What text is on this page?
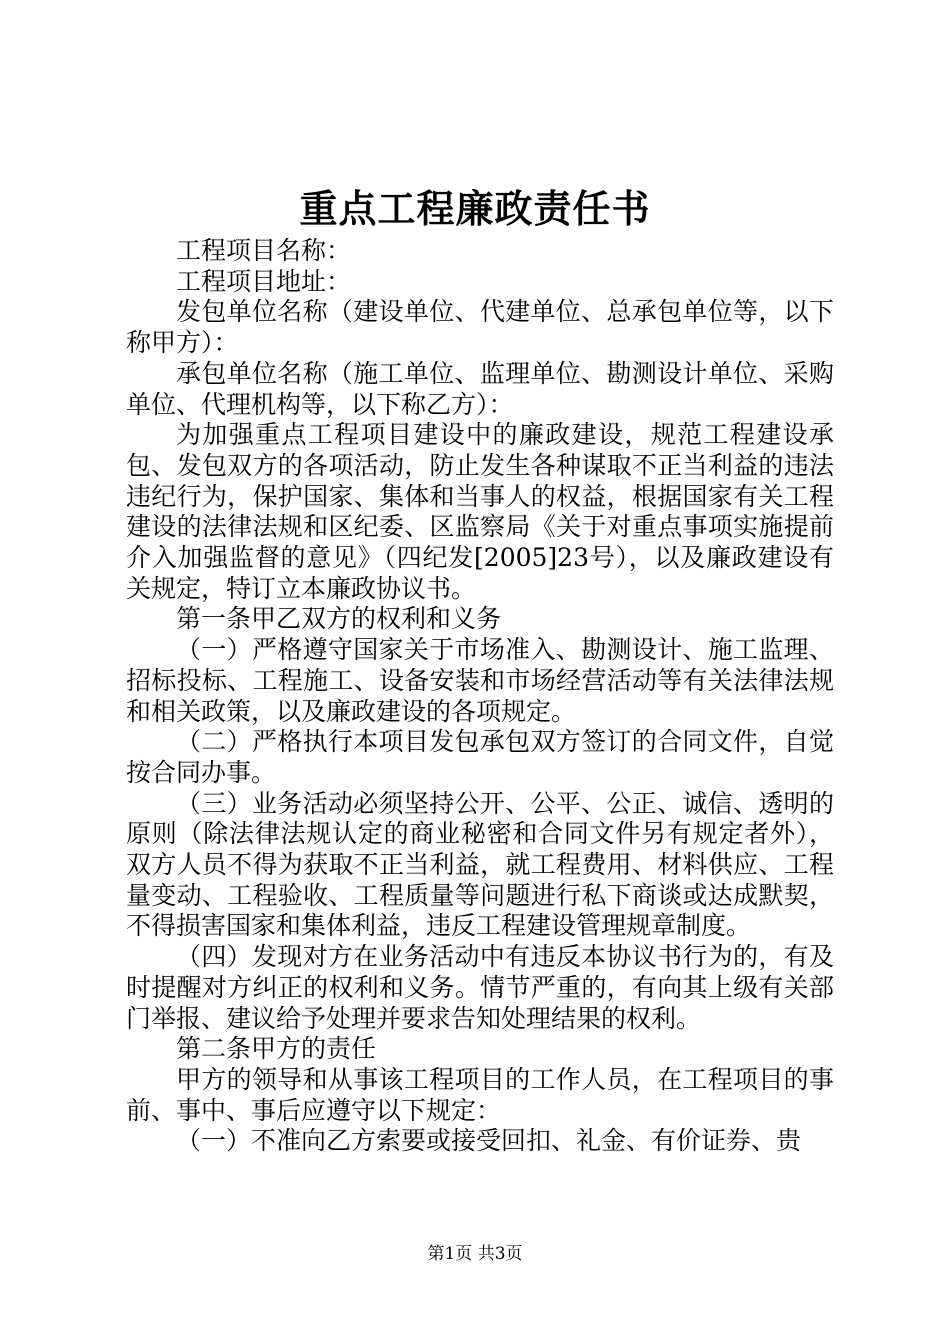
重点工程廉政责任书

工程项目名称：

工程项目地址：

发包单位名称（建设单位、代建单位、总承包单位等，以下称甲方）：

承包单位名称（施工单位、监理单位、勘测设计单位、采购单位、代理机构等，以下称乙方）：

为加强重点工程项目建设中的廉政建设，规范工程建设承包、发包双方的各项活动，防止发生各种谋取不正当利益的违法违纪行为，保护国家、集体和当事人的权益，根据国家有关工程建设的法律法规和区纪委、区监察局《关于对重点事项实施提前介入加强监督的意见》（四纪发[2005]23号），以及廉政建设有关规定，特订立本廉政协议书。

第一条甲乙双方的权利和义务

（一）严格遵守国家关于市场准入、勘测设计、施工监理、招标投标、工程施工、设备安装和市场经营活动等有关法律法规和相关政策，以及廉政建设的各项规定。

（二）严格执行本项目发包承包双方签订的合同文件，自觉按合同办事。

（三）业务活动必须坚持公开、公平、公正、诚信、透明的原则（除法律法规认定的商业秘密和合同文件另有规定者外），双方人员不得为获取不正当利益，就工程费用、材料供应、工程量变动、工程验收、工程质量等问题进行私下商谈或达成默契，不得损害国家和集体利益，违反工程建设管理规章制度。

（四）发现对方在业务活动中有违反本协议书行为的，有及时提醒对方纠正的权利和义务。情节严重的，有向其上级有关部门举报、建议给予处理并要求告知处理结果的权利。

第二条甲方的责任

甲方的领导和从事该工程项目的工作人员，在工程项目的事前、事中、事后应遵守以下规定：

（一）不准向乙方索要或接受回扣、礼金、有价证券、贵

第1页 共3页
